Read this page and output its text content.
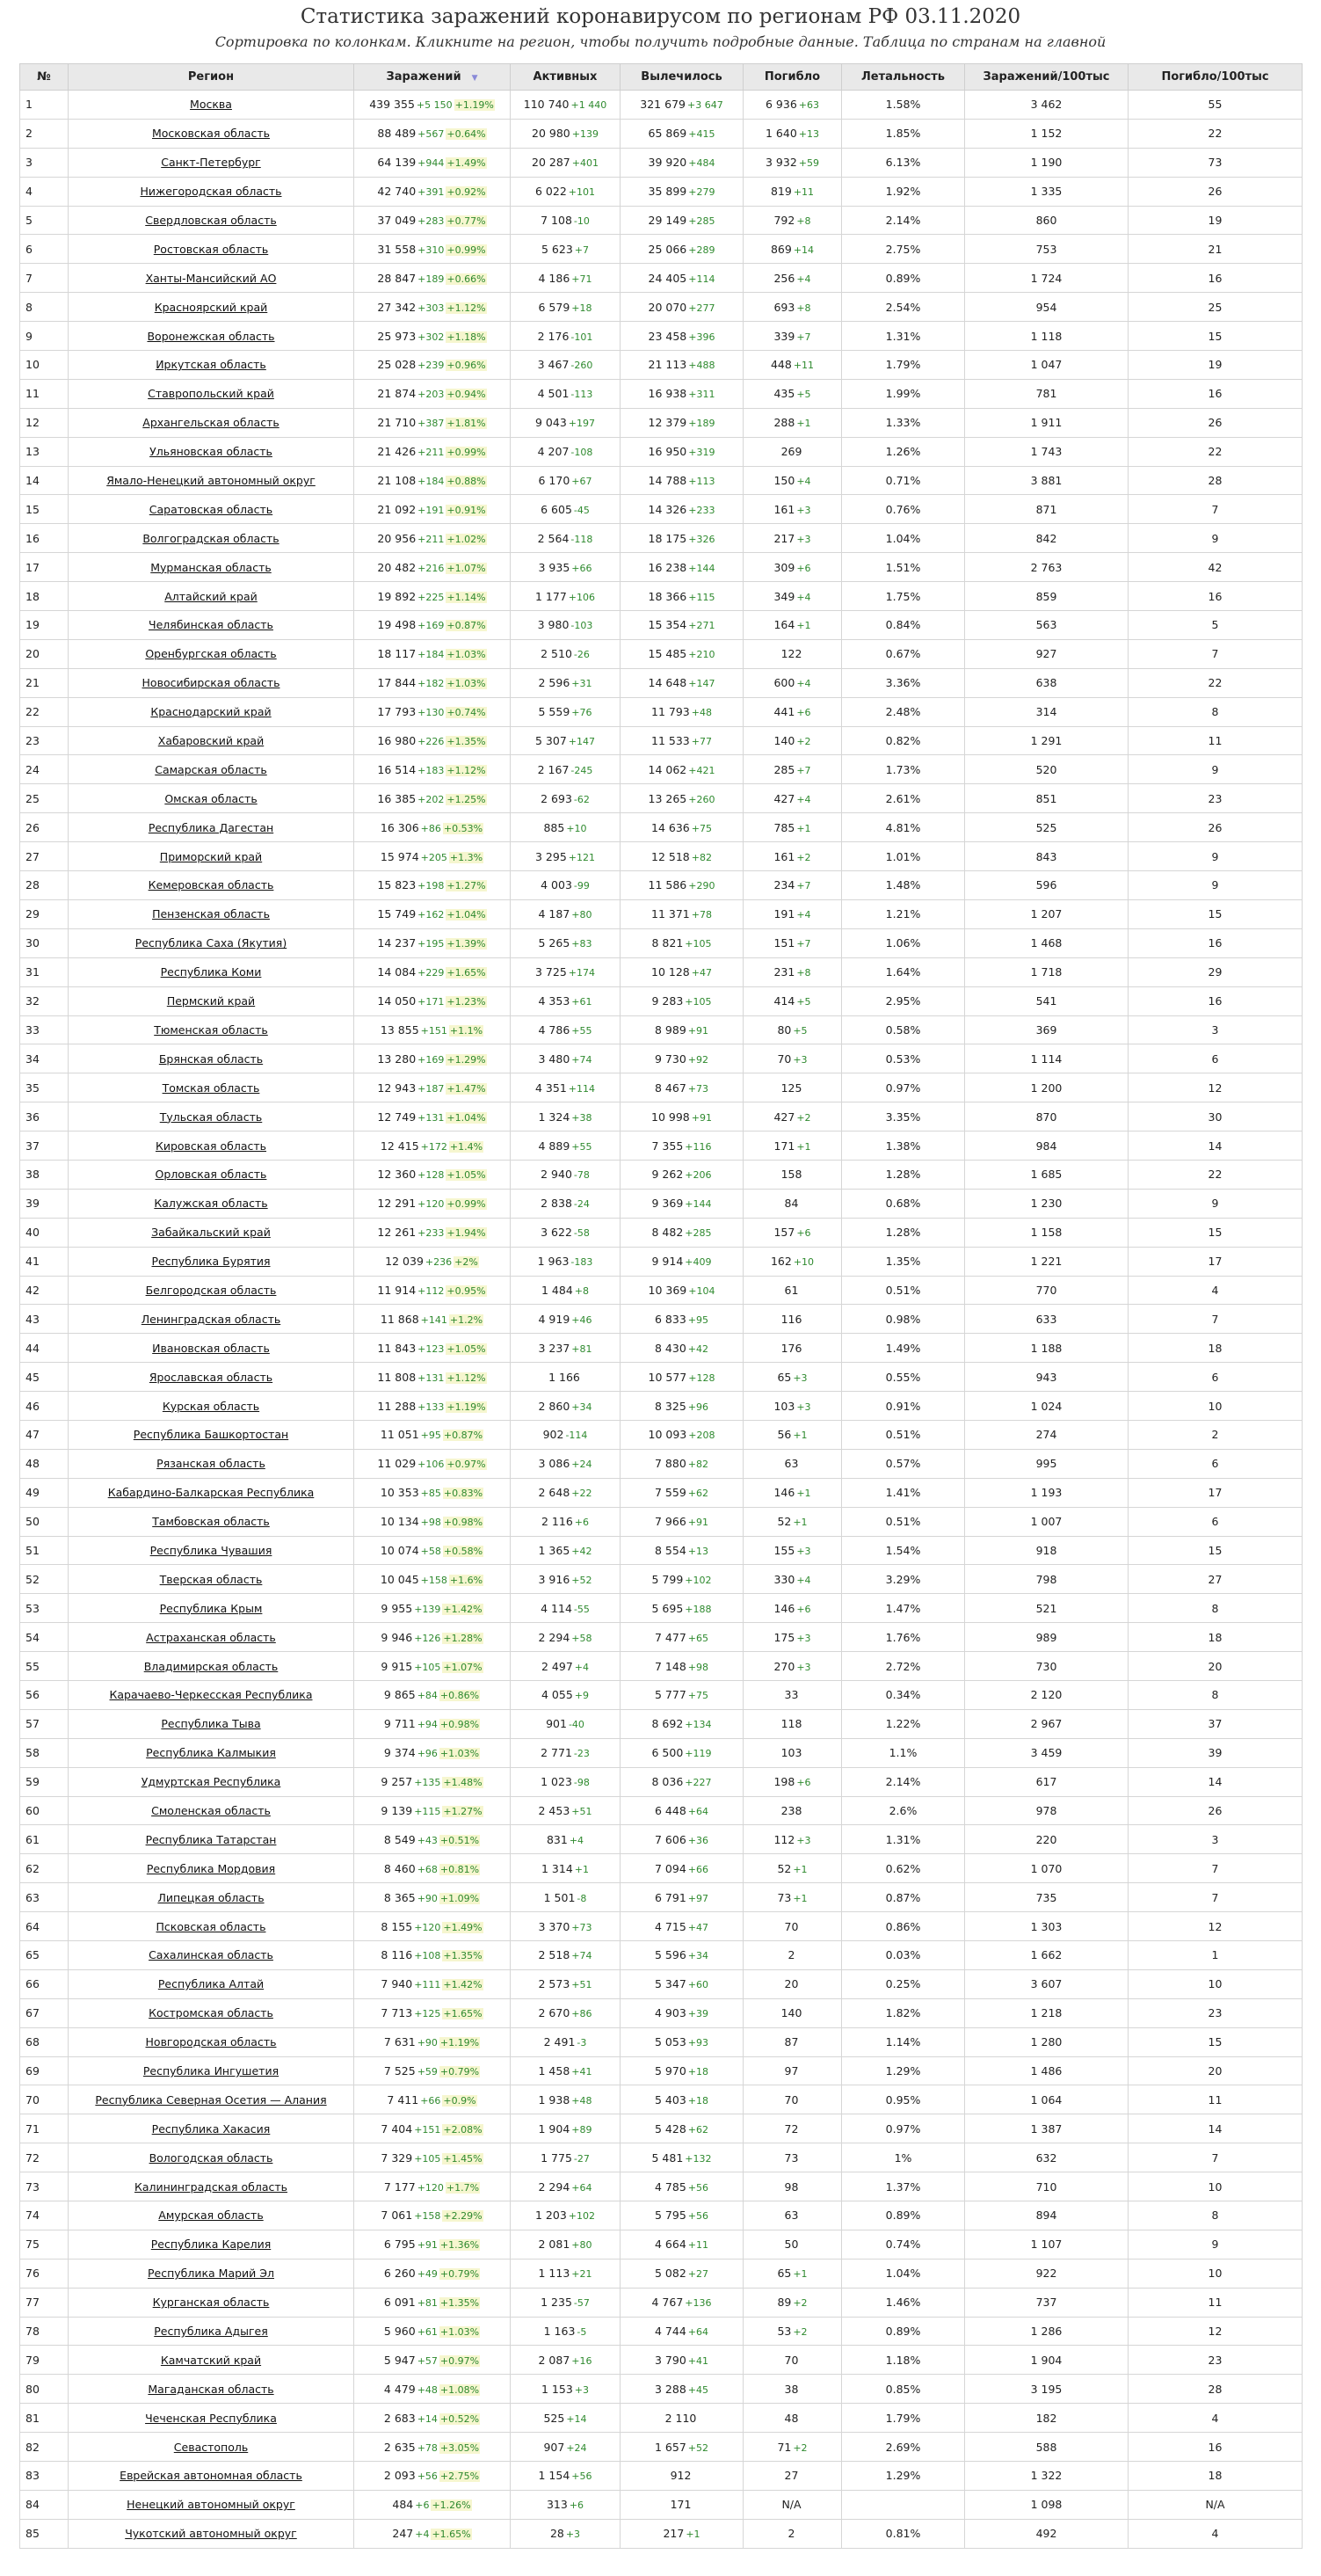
Статистика заражений коронавирусом по регионам РФ 03.11.2020
Сортировка по колонкам. Кликните на регион, чтобы получить подробные данные. Таблица по странам на главной
№	Регион	Заражений ▼	Активных	Вылечилось	Погибло	Летальность	Заражений/100тыс	Погибло/100тыс
1	Москва	439 355 +5 150 +1.19%	110 740 +1 440	321 679 +3 647	6 936 +63	1.58%	3 462	55
2	Московская область	88 489 +567 +0.64%	20 980 +139	65 869 +415	1 640 +13	1.85%	1 152	22
3	Санкт-Петербург	64 139 +944 +1.49%	20 287 +401	39 920 +484	3 932 +59	6.13%	1 190	73
4	Нижегородская область	42 740 +391 +0.92%	6 022 +101	35 899 +279	819 +11	1.92%	1 335	26
5	Свердловская область	37 049 +283 +0.77%	7 108 -10	29 149 +285	792 +8	2.14%	860	19
6	Ростовская область	31 558 +310 +0.99%	5 623 +7	25 066 +289	869 +14	2.75%	753	21
7	Ханты-Мансийский АО	28 847 +189 +0.66%	4 186 +71	24 405 +114	256 +4	0.89%	1 724	16
8	Красноярский край	27 342 +303 +1.12%	6 579 +18	20 070 +277	693 +8	2.54%	954	25
9	Воронежская область	25 973 +302 +1.18%	2 176 -101	23 458 +396	339 +7	1.31%	1 118	15
10	Иркутская область	25 028 +239 +0.96%	3 467 -260	21 113 +488	448 +11	1.79%	1 047	19
11	Ставропольский край	21 874 +203 +0.94%	4 501 -113	16 938 +311	435 +5	1.99%	781	16
12	Архангельская область	21 710 +387 +1.81%	9 043 +197	12 379 +189	288 +1	1.33%	1 911	26
13	Ульяновская область	21 426 +211 +0.99%	4 207 -108	16 950 +319	269	1.26%	1 743	22
14	Ямало-Ненецкий автономный округ	21 108 +184 +0.88%	6 170 +67	14 788 +113	150 +4	0.71%	3 881	28
15	Саратовская область	21 092 +191 +0.91%	6 605 -45	14 326 +233	161 +3	0.76%	871	7
16	Волгоградская область	20 956 +211 +1.02%	2 564 -118	18 175 +326	217 +3	1.04%	842	9
17	Мурманская область	20 482 +216 +1.07%	3 935 +66	16 238 +144	309 +6	1.51%	2 763	42
18	Алтайский край	19 892 +225 +1.14%	1 177 +106	18 366 +115	349 +4	1.75%	859	16
19	Челябинская область	19 498 +169 +0.87%	3 980 -103	15 354 +271	164 +1	0.84%	563	5
20	Оренбургская область	18 117 +184 +1.03%	2 510 -26	15 485 +210	122	0.67%	927	7
21	Новосибирская область	17 844 +182 +1.03%	2 596 +31	14 648 +147	600 +4	3.36%	638	22
22	Краснодарский край	17 793 +130 +0.74%	5 559 +76	11 793 +48	441 +6	2.48%	314	8
23	Хабаровский край	16 980 +226 +1.35%	5 307 +147	11 533 +77	140 +2	0.82%	1 291	11
24	Самарская область	16 514 +183 +1.12%	2 167 -245	14 062 +421	285 +7	1.73%	520	9
25	Омская область	16 385 +202 +1.25%	2 693 -62	13 265 +260	427 +4	2.61%	851	23
26	Республика Дагестан	16 306 +86 +0.53%	885 +10	14 636 +75	785 +1	4.81%	525	26
27	Приморский край	15 974 +205 +1.3%	3 295 +121	12 518 +82	161 +2	1.01%	843	9
28	Кемеровская область	15 823 +198 +1.27%	4 003 -99	11 586 +290	234 +7	1.48%	596	9
29	Пензенская область	15 749 +162 +1.04%	4 187 +80	11 371 +78	191 +4	1.21%	1 207	15
30	Республика Саха (Якутия)	14 237 +195 +1.39%	5 265 +83	8 821 +105	151 +7	1.06%	1 468	16
31	Республика Коми	14 084 +229 +1.65%	3 725 +174	10 128 +47	231 +8	1.64%	1 718	29
32	Пермский край	14 050 +171 +1.23%	4 353 +61	9 283 +105	414 +5	2.95%	541	16
33	Тюменская область	13 855 +151 +1.1%	4 786 +55	8 989 +91	80 +5	0.58%	369	3
34	Брянская область	13 280 +169 +1.29%	3 480 +74	9 730 +92	70 +3	0.53%	1 114	6
35	Томская область	12 943 +187 +1.47%	4 351 +114	8 467 +73	125	0.97%	1 200	12
36	Тульская область	12 749 +131 +1.04%	1 324 +38	10 998 +91	427 +2	3.35%	870	30
37	Кировская область	12 415 +172 +1.4%	4 889 +55	7 355 +116	171 +1	1.38%	984	14
38	Орловская область	12 360 +128 +1.05%	2 940 -78	9 262 +206	158	1.28%	1 685	22
39	Калужская область	12 291 +120 +0.99%	2 838 -24	9 369 +144	84	0.68%	1 230	9
40	Забайкальский край	12 261 +233 +1.94%	3 622 -58	8 482 +285	157 +6	1.28%	1 158	15
41	Республика Бурятия	12 039 +236 +2%	1 963 -183	9 914 +409	162 +10	1.35%	1 221	17
42	Белгородская область	11 914 +112 +0.95%	1 484 +8	10 369 +104	61	0.51%	770	4
43	Ленинградская область	11 868 +141 +1.2%	4 919 +46	6 833 +95	116	0.98%	633	7
44	Ивановская область	11 843 +123 +1.05%	3 237 +81	8 430 +42	176	1.49%	1 188	18
45	Ярославская область	11 808 +131 +1.12%	1 166	10 577 +128	65 +3	0.55%	943	6
46	Курская область	11 288 +133 +1.19%	2 860 +34	8 325 +96	103 +3	0.91%	1 024	10
47	Республика Башкортостан	11 051 +95 +0.87%	902 -114	10 093 +208	56 +1	0.51%	274	2
48	Рязанская область	11 029 +106 +0.97%	3 086 +24	7 880 +82	63	0.57%	995	6
49	Кабардино-Балкарская Республика	10 353 +85 +0.83%	2 648 +22	7 559 +62	146 +1	1.41%	1 193	17
50	Тамбовская область	10 134 +98 +0.98%	2 116 +6	7 966 +91	52 +1	0.51%	1 007	6
51	Республика Чувашия	10 074 +58 +0.58%	1 365 +42	8 554 +13	155 +3	1.54%	918	15
52	Тверская область	10 045 +158 +1.6%	3 916 +52	5 799 +102	330 +4	3.29%	798	27
53	Республика Крым	9 955 +139 +1.42%	4 114 -55	5 695 +188	146 +6	1.47%	521	8
54	Астраханская область	9 946 +126 +1.28%	2 294 +58	7 477 +65	175 +3	1.76%	989	18
55	Владимирская область	9 915 +105 +1.07%	2 497 +4	7 148 +98	270 +3	2.72%	730	20
56	Карачаево-Черкесская Республика	9 865 +84 +0.86%	4 055 +9	5 777 +75	33	0.34%	2 120	8
57	Республика Тыва	9 711 +94 +0.98%	901 -40	8 692 +134	118	1.22%	2 967	37
58	Республика Калмыкия	9 374 +96 +1.03%	2 771 -23	6 500 +119	103	1.1%	3 459	39
59	Удмуртская Республика	9 257 +135 +1.48%	1 023 -98	8 036 +227	198 +6	2.14%	617	14
60	Смоленская область	9 139 +115 +1.27%	2 453 +51	6 448 +64	238	2.6%	978	26
61	Республика Татарстан	8 549 +43 +0.51%	831 +4	7 606 +36	112 +3	1.31%	220	3
62	Республика Мордовия	8 460 +68 +0.81%	1 314 +1	7 094 +66	52 +1	0.62%	1 070	7
63	Липецкая область	8 365 +90 +1.09%	1 501 -8	6 791 +97	73 +1	0.87%	735	7
64	Псковская область	8 155 +120 +1.49%	3 370 +73	4 715 +47	70	0.86%	1 303	12
65	Сахалинская область	8 116 +108 +1.35%	2 518 +74	5 596 +34	2	0.03%	1 662	1
66	Республика Алтай	7 940 +111 +1.42%	2 573 +51	5 347 +60	20	0.25%	3 607	10
67	Костромская область	7 713 +125 +1.65%	2 670 +86	4 903 +39	140	1.82%	1 218	23
68	Новгородская область	7 631 +90 +1.19%	2 491 -3	5 053 +93	87	1.14%	1 280	15
69	Республика Ингушетия	7 525 +59 +0.79%	1 458 +41	5 970 +18	97	1.29%	1 486	20
70	Республика Северная Осетия — Алания	7 411 +66 +0.9%	1 938 +48	5 403 +18	70	0.95%	1 064	11
71	Республика Хакасия	7 404 +151 +2.08%	1 904 +89	5 428 +62	72	0.97%	1 387	14
72	Вологодская область	7 329 +105 +1.45%	1 775 -27	5 481 +132	73	1%	632	7
73	Калининградская область	7 177 +120 +1.7%	2 294 +64	4 785 +56	98	1.37%	710	10
74	Амурская область	7 061 +158 +2.29%	1 203 +102	5 795 +56	63	0.89%	894	8
75	Республика Карелия	6 795 +91 +1.36%	2 081 +80	4 664 +11	50	0.74%	1 107	9
76	Республика Марий Эл	6 260 +49 +0.79%	1 113 +21	5 082 +27	65 +1	1.04%	922	10
77	Курганская область	6 091 +81 +1.35%	1 235 -57	4 767 +136	89 +2	1.46%	737	11
78	Республика Адыгея	5 960 +61 +1.03%	1 163 -5	4 744 +64	53 +2	0.89%	1 286	12
79	Камчатский край	5 947 +57 +0.97%	2 087 +16	3 790 +41	70	1.18%	1 904	23
80	Магаданская область	4 479 +48 +1.08%	1 153 +3	3 288 +45	38	0.85%	3 195	28
81	Чеченская Республика	2 683 +14 +0.52%	525 +14	2 110	48	1.79%	182	4
82	Севастополь	2 635 +78 +3.05%	907 +24	1 657 +52	71 +2	2.69%	588	16
83	Еврейская автономная область	2 093 +56 +2.75%	1 154 +56	912	27	1.29%	1 322	18
84	Ненецкий автономный округ	484 +6 +1.26%	313 +6	171	N/A		1 098	N/A
85	Чукотский автономный округ	247 +4 +1.65%	28 +3	217 +1	2	0.81%	492	4
